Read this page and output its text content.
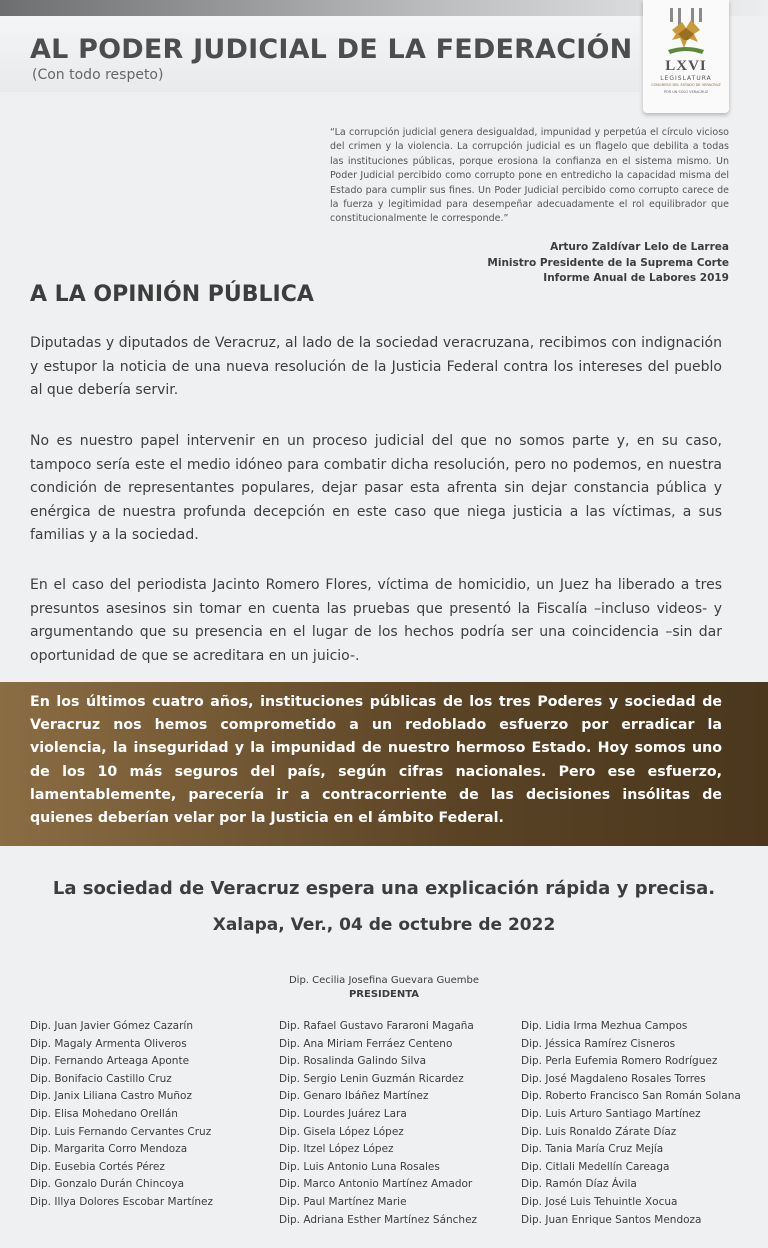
AL PODER JUDICIAL DE LA FEDERACIÓN
(Con todo respeto)
LXVI
LEGISLATURA
CONGRESO DEL ESTADO DE VERACRUZ
POR UN SOLO VERACRUZ

“La corrupción judicial genera desigualdad, impunidad y perpetúa el círculo vicioso del crimen y la violencia. La corrupción judicial es un flagelo que debilita a todas las instituciones públicas, porque erosiona la confianza en el sistema mismo. Un Poder Judicial percibido como corrupto pone en entredicho la capacidad misma del Estado para cumplir sus fines. Un Poder Judicial percibido como corrupto carece de la fuerza y legitimidad para desempeñar adecuadamente el rol equilibrador que constitucionalmente le corresponde.”

Arturo Zaldívar Lelo de Larrea
Ministro Presidente de la Suprema Corte
Informe Anual de Labores 2019
A LA OPINIÓN PÚBLICA

Diputadas y diputados de Veracruz, al lado de la sociedad veracruzana, recibimos con indignación y estupor la noticia de una nueva resolución de la Justicia Federal contra los intereses del pueblo al que debería servir.

No es nuestro papel intervenir en un proceso judicial del que no somos parte y, en su caso, tampoco sería este el medio idóneo para combatir dicha resolución, pero no podemos, en nuestra condición de representantes populares, dejar pasar esta afrenta sin dejar constancia pública y enérgica de nuestra profunda decepción en este caso que niega justicia a las víctimas, a sus familias y a la sociedad.

En el caso del periodista Jacinto Romero Flores, víctima de homicidio, un Juez ha liberado a tres presuntos asesinos sin tomar en cuenta las pruebas que presentó la Fiscalía –incluso videos- y argumentando que su presencia en el lugar de los hechos podría ser una coincidencia –sin dar oportunidad de que se acreditara en un juicio-.

En los últimos cuatro años, instituciones públicas de los tres Poderes y sociedad de Veracruz nos hemos comprometido a un redoblado esfuerzo por erradicar la violencia, la inseguridad y la impunidad de nuestro hermoso Estado. Hoy somos uno de los 10 más seguros del país, según cifras nacionales. Pero ese esfuerzo, lamentablemente, parecería ir a contracorriente de las decisiones insólitas de quienes deberían velar por la Justicia en el ámbito Federal.

La sociedad de Veracruz espera una explicación rápida y precisa.

Xalapa, Ver., 04 de octubre de 2022

Dip. Cecilia Josefina Guevara Guembe
PRESIDENTA
Dip. Juan Javier Gómez Cazarín
Dip. Magaly Armenta Oliveros
Dip. Fernando Arteaga Aponte
Dip. Bonifacio Castillo Cruz
Dip. Janix Liliana Castro Muñoz
Dip. Elisa Mohedano Orellán
Dip. Luis Fernando Cervantes Cruz
Dip. Margarita Corro Mendoza
Dip. Eusebia Cortés Pérez
Dip. Gonzalo Durán Chincoya
Dip. Illya Dolores Escobar Martínez
Dip. Rafael Gustavo Fararoni Magaña
Dip. Ana Miriam Ferráez Centeno
Dip. Rosalinda Galindo Silva
Dip. Sergio Lenin Guzmán Ricardez
Dip. Genaro Ibáñez Martínez
Dip. Lourdes Juárez Lara
Dip. Gisela López López
Dip. Itzel López López
Dip. Luis Antonio Luna Rosales
Dip. Marco Antonio Martínez Amador
Dip. Paul Martínez Marie
Dip. Adriana Esther Martínez Sánchez
Dip. Lidia Irma Mezhua Campos
Dip. Jéssica Ramírez Cisneros
Dip. Perla Eufemia Romero Rodríguez
Dip. José Magdaleno Rosales Torres
Dip. Roberto Francisco San Román Solana
Dip. Luis Arturo Santiago Martínez
Dip. Luis Ronaldo Zárate Díaz
Dip. Tania María Cruz Mejía
Dip. Citlali Medellín Careaga
Dip. Ramón Díaz Ávila
Dip. José Luis Tehuintle Xocua
Dip. Juan Enrique Santos Mendoza
